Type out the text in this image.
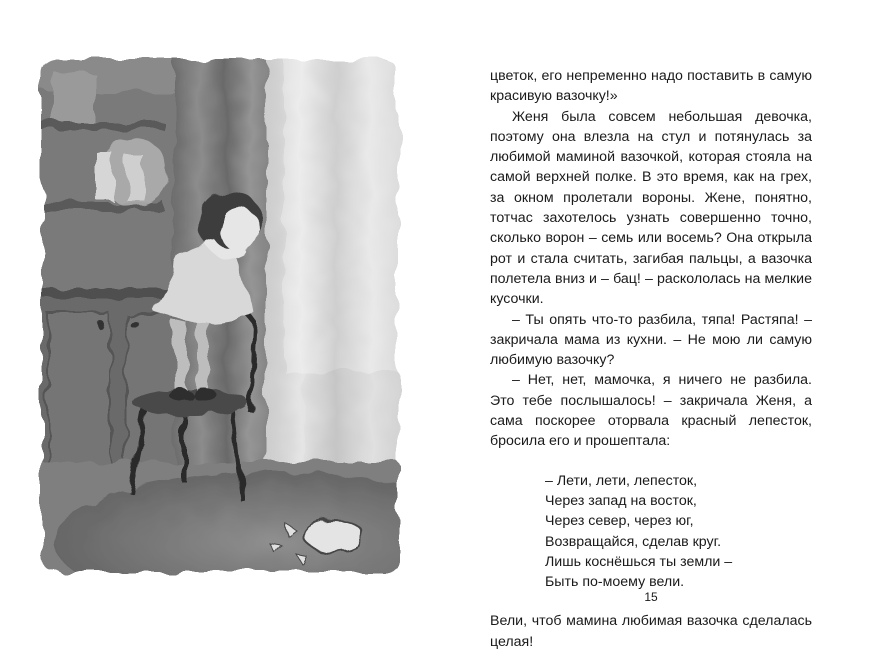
цветок, его непременно надо поставить в самую красивую вазочку!»

Женя была совсем небольшая девочка, поэтому она влезла на стул и потянулась за любимой маминой вазочкой, которая стояла на самой верхней полке. В это время, как на грех, за окном пролетали вороны. Жене, понятно, тотчас захотелось узнать совершенно точно, сколько ворон – семь или восемь? Она открыла рот и стала считать, загибая пальцы, а вазочка полетела вниз и – бац! – раскололась на мелкие кусочки.

– Ты опять что-то разбила, тяпа! Растяпа! – закричала мама из кухни. – Не мою ли самую любимую вазочку?

– Нет, нет, мамочка, я ничего не разбила. Это тебе послышалось! – закричала Женя, а сама поскорее оторвала красный лепесток, бросила его и прошептала:

– Лети, лети, лепесток,
Через запад на восток,
Через север, через юг,
Возвращайся, сделав круг.
Лишь коснёшься ты земли –
Быть по-моему вели.

Вели, чтоб мамина любимая вазочка сделалась целая!

15
